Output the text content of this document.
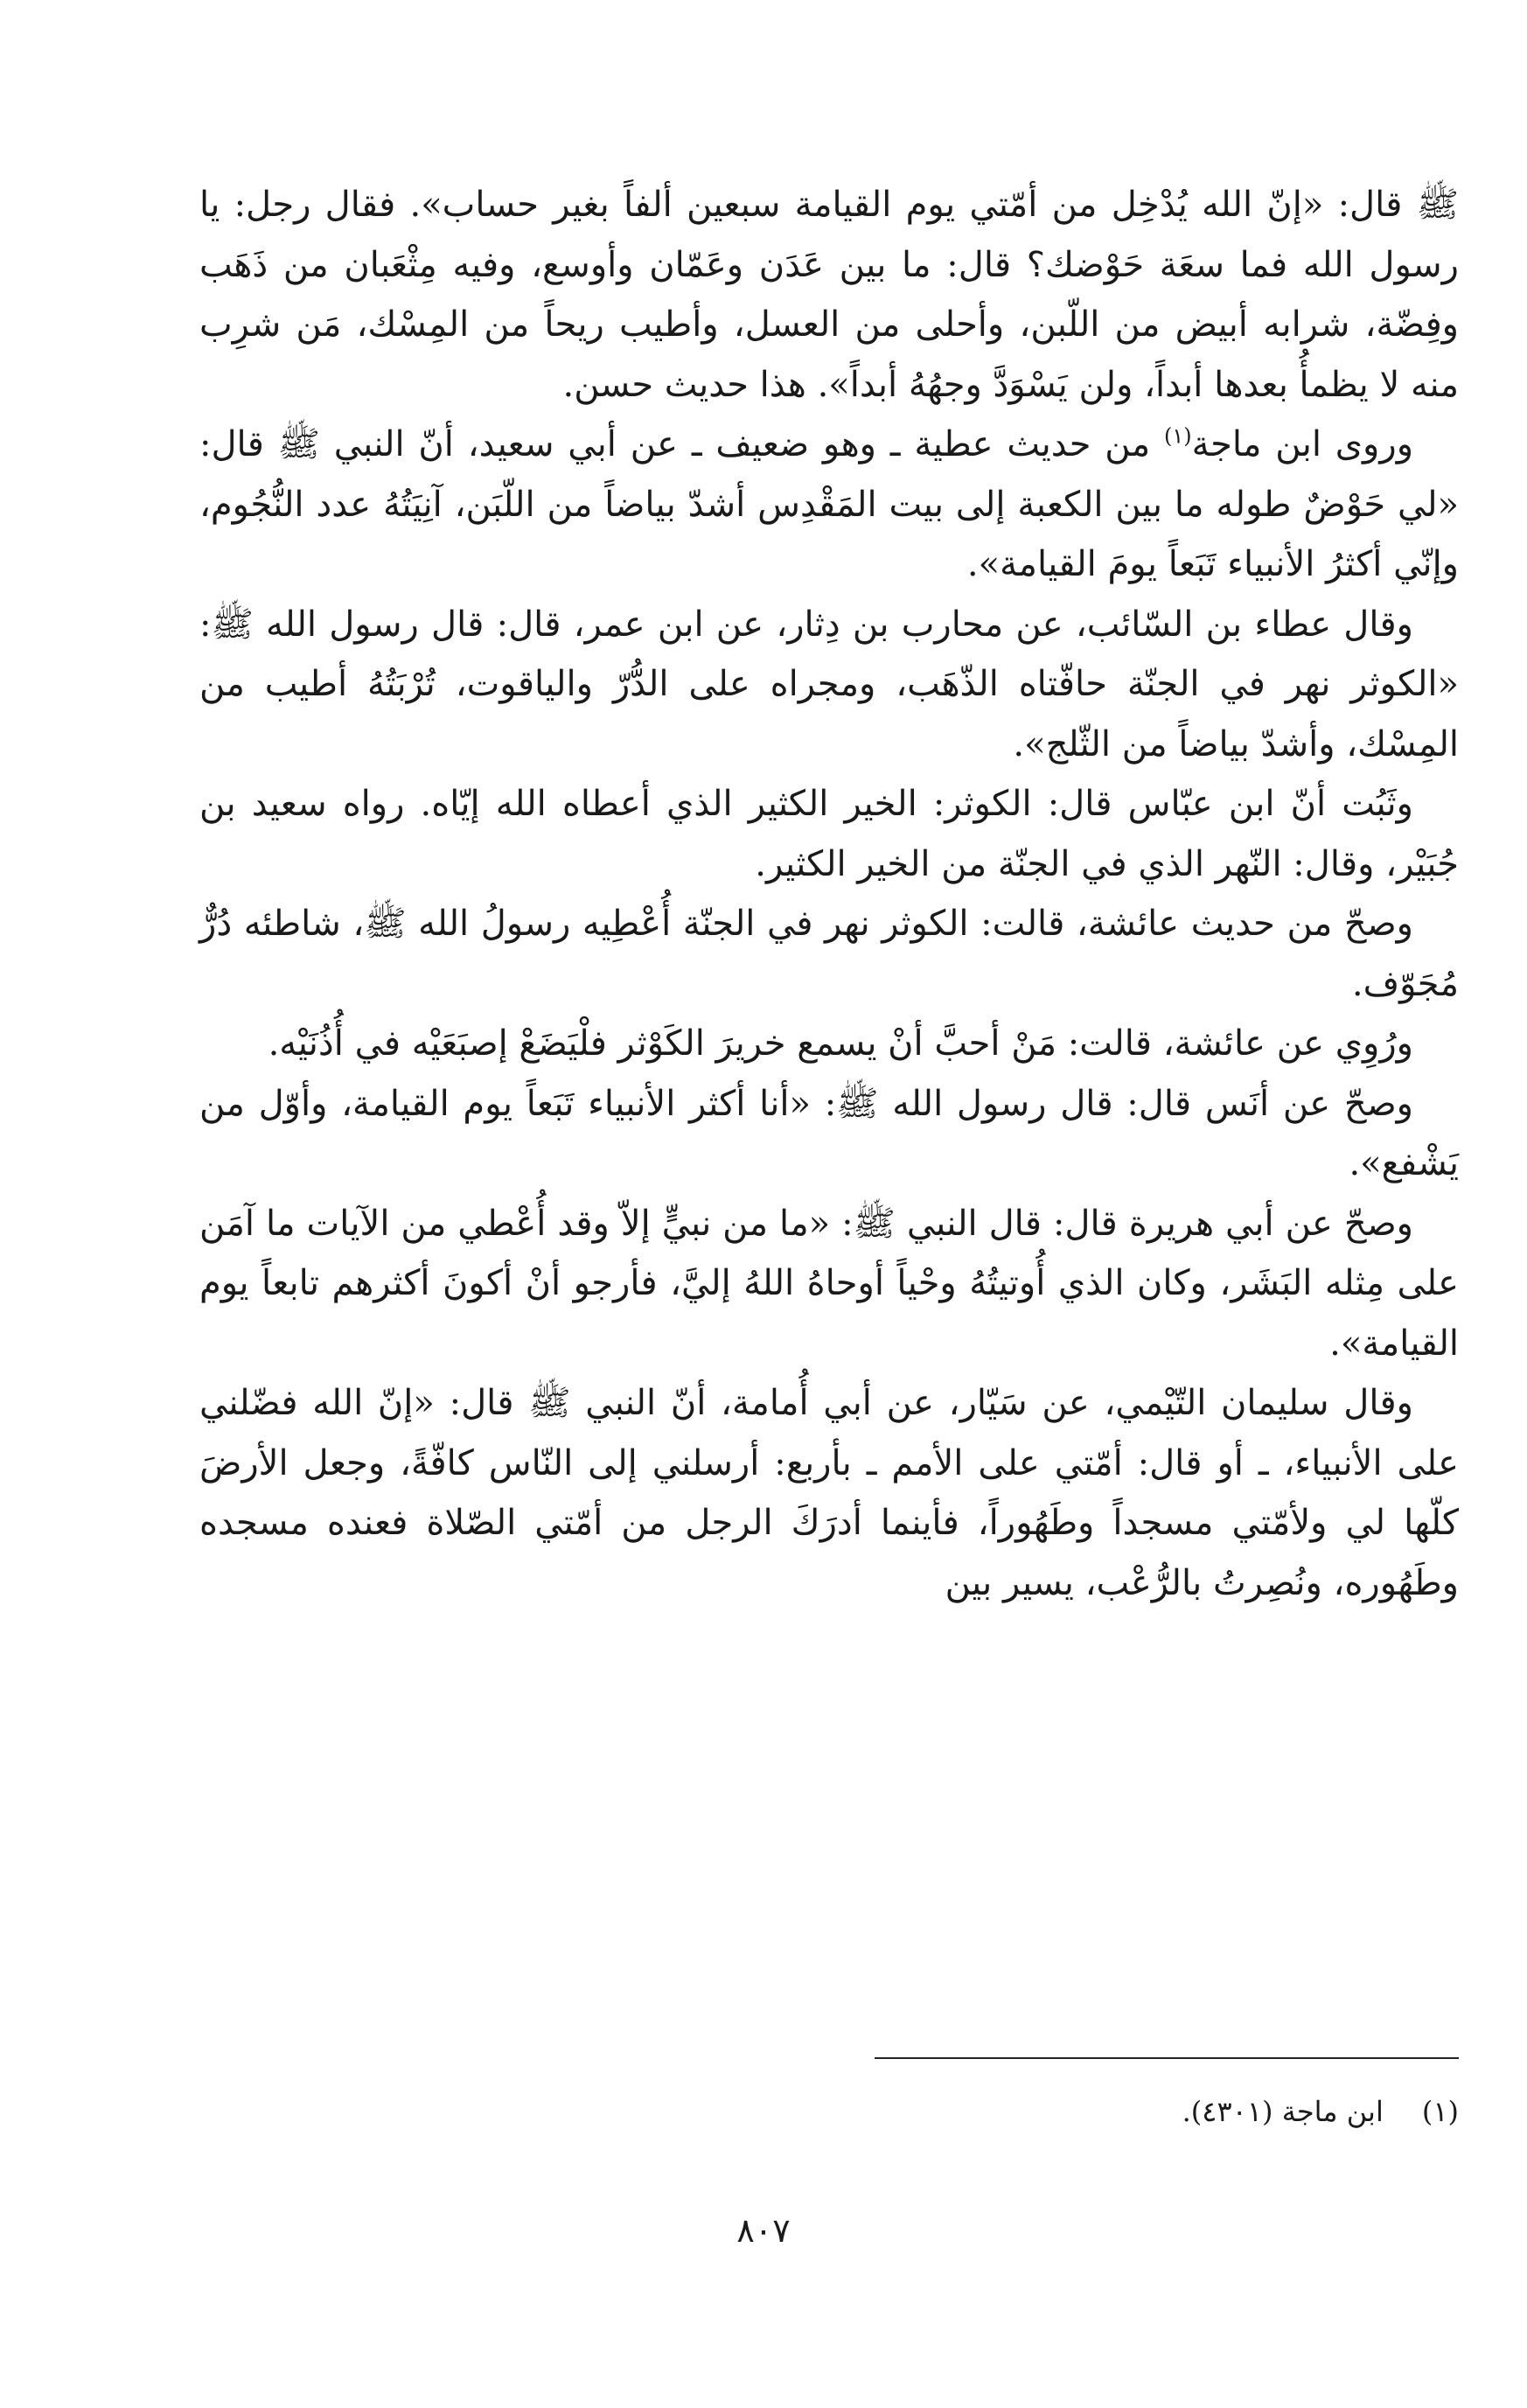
ﷺ قال: «إنّ الله يُدْخِل من أمّتي يوم القيامة سبعين ألفاً بغير حساب». فقال رجل: يا رسول الله فما سعَة حَوْضك؟ قال: ما بين عَدَن وعَمّان وأوسع، وفيه مِثْعَبان من ذَهَب وفِضّة، شرابه أبيض من اللّبن، وأحلى من العسل، وأطيب ريحاً من المِسْك، مَن شرِب منه لا يظمأُ بعدها أبداً، ولن يَسْوَدَّ وجهُهُ أبداً». هذا حديث حسن.

وروى ابن ماجة$^{(١)}$ من حديث عطية ـ وهو ضعيف ـ عن أبي سعيد، أنّ النبي ﷺ قال: «لي حَوْضٌ طوله ما بين الكعبة إلى بيت المَقْدِس أشدّ بياضاً من اللّبَن، آنِيَتُهُ عدد النُّجُوم، وإنّي أكثرُ الأنبياء تَبَعاً يومَ القيامة».

وقال عطاء بن السّائب، عن محارب بن دِثار، عن ابن عمر، قال: قال رسول الله ﷺ: «الكوثر نهر في الجنّة حافّتاه الذّهَب، ومجراه على الدُّرّ والياقوت، تُرْبَتُهُ أطيب من المِسْك، وأشدّ بياضاً من الثّلج».

وثَبُت أنّ ابن عبّاس قال: الكوثر: الخير الكثير الذي أعطاه الله إيّاه. رواه سعيد بن جُبَيْر، وقال: النّهر الذي في الجنّة من الخير الكثير.

وصحّ من حديث عائشة، قالت: الكوثر نهر في الجنّة أُعْطِيه رسولُ الله ﷺ، شاطئه دُرٌّ مُجَوّف.

ورُوِي عن عائشة، قالت: مَنْ أحبَّ أنْ يسمع خريرَ الكَوْثر فلْيَضَعْ إصبَعَيْه في أُذُنَيْه.

وصحّ عن أنَس قال: قال رسول الله ﷺ: «أنا أكثر الأنبياء تَبَعاً يوم القيامة، وأوّل من يَشْفع».

وصحّ عن أبي هريرة قال: قال النبي ﷺ: «ما من نبيٍّ إلاّ وقد أُعْطي من الآيات ما آمَن على مِثله البَشَر، وكان الذي أُوتيتُهُ وحْياً أوحاهُ اللهُ إليَّ، فأرجو أنْ أكونَ أكثرهم تابعاً يوم القيامة».

وقال سليمان التّيْمي، عن سَيّار، عن أبي أُمامة، أنّ النبي ﷺ قال: «إنّ الله فضّلني على الأنبياء، ـ أو قال: أمّتي على الأمم ـ بأربع: أرسلني إلى النّاس كافّةً، وجعل الأرضَ كلّها لي ولأمّتي مسجداً وطَهُوراً، فأينما أدرَكَ الرجل من أمّتي الصّلاة فعنده مسجده وطَهُوره، ونُصِرتُ بالرُّعْب، يسير بين

(١)ابن ماجة (٤٣٠١).
٨٠٧
